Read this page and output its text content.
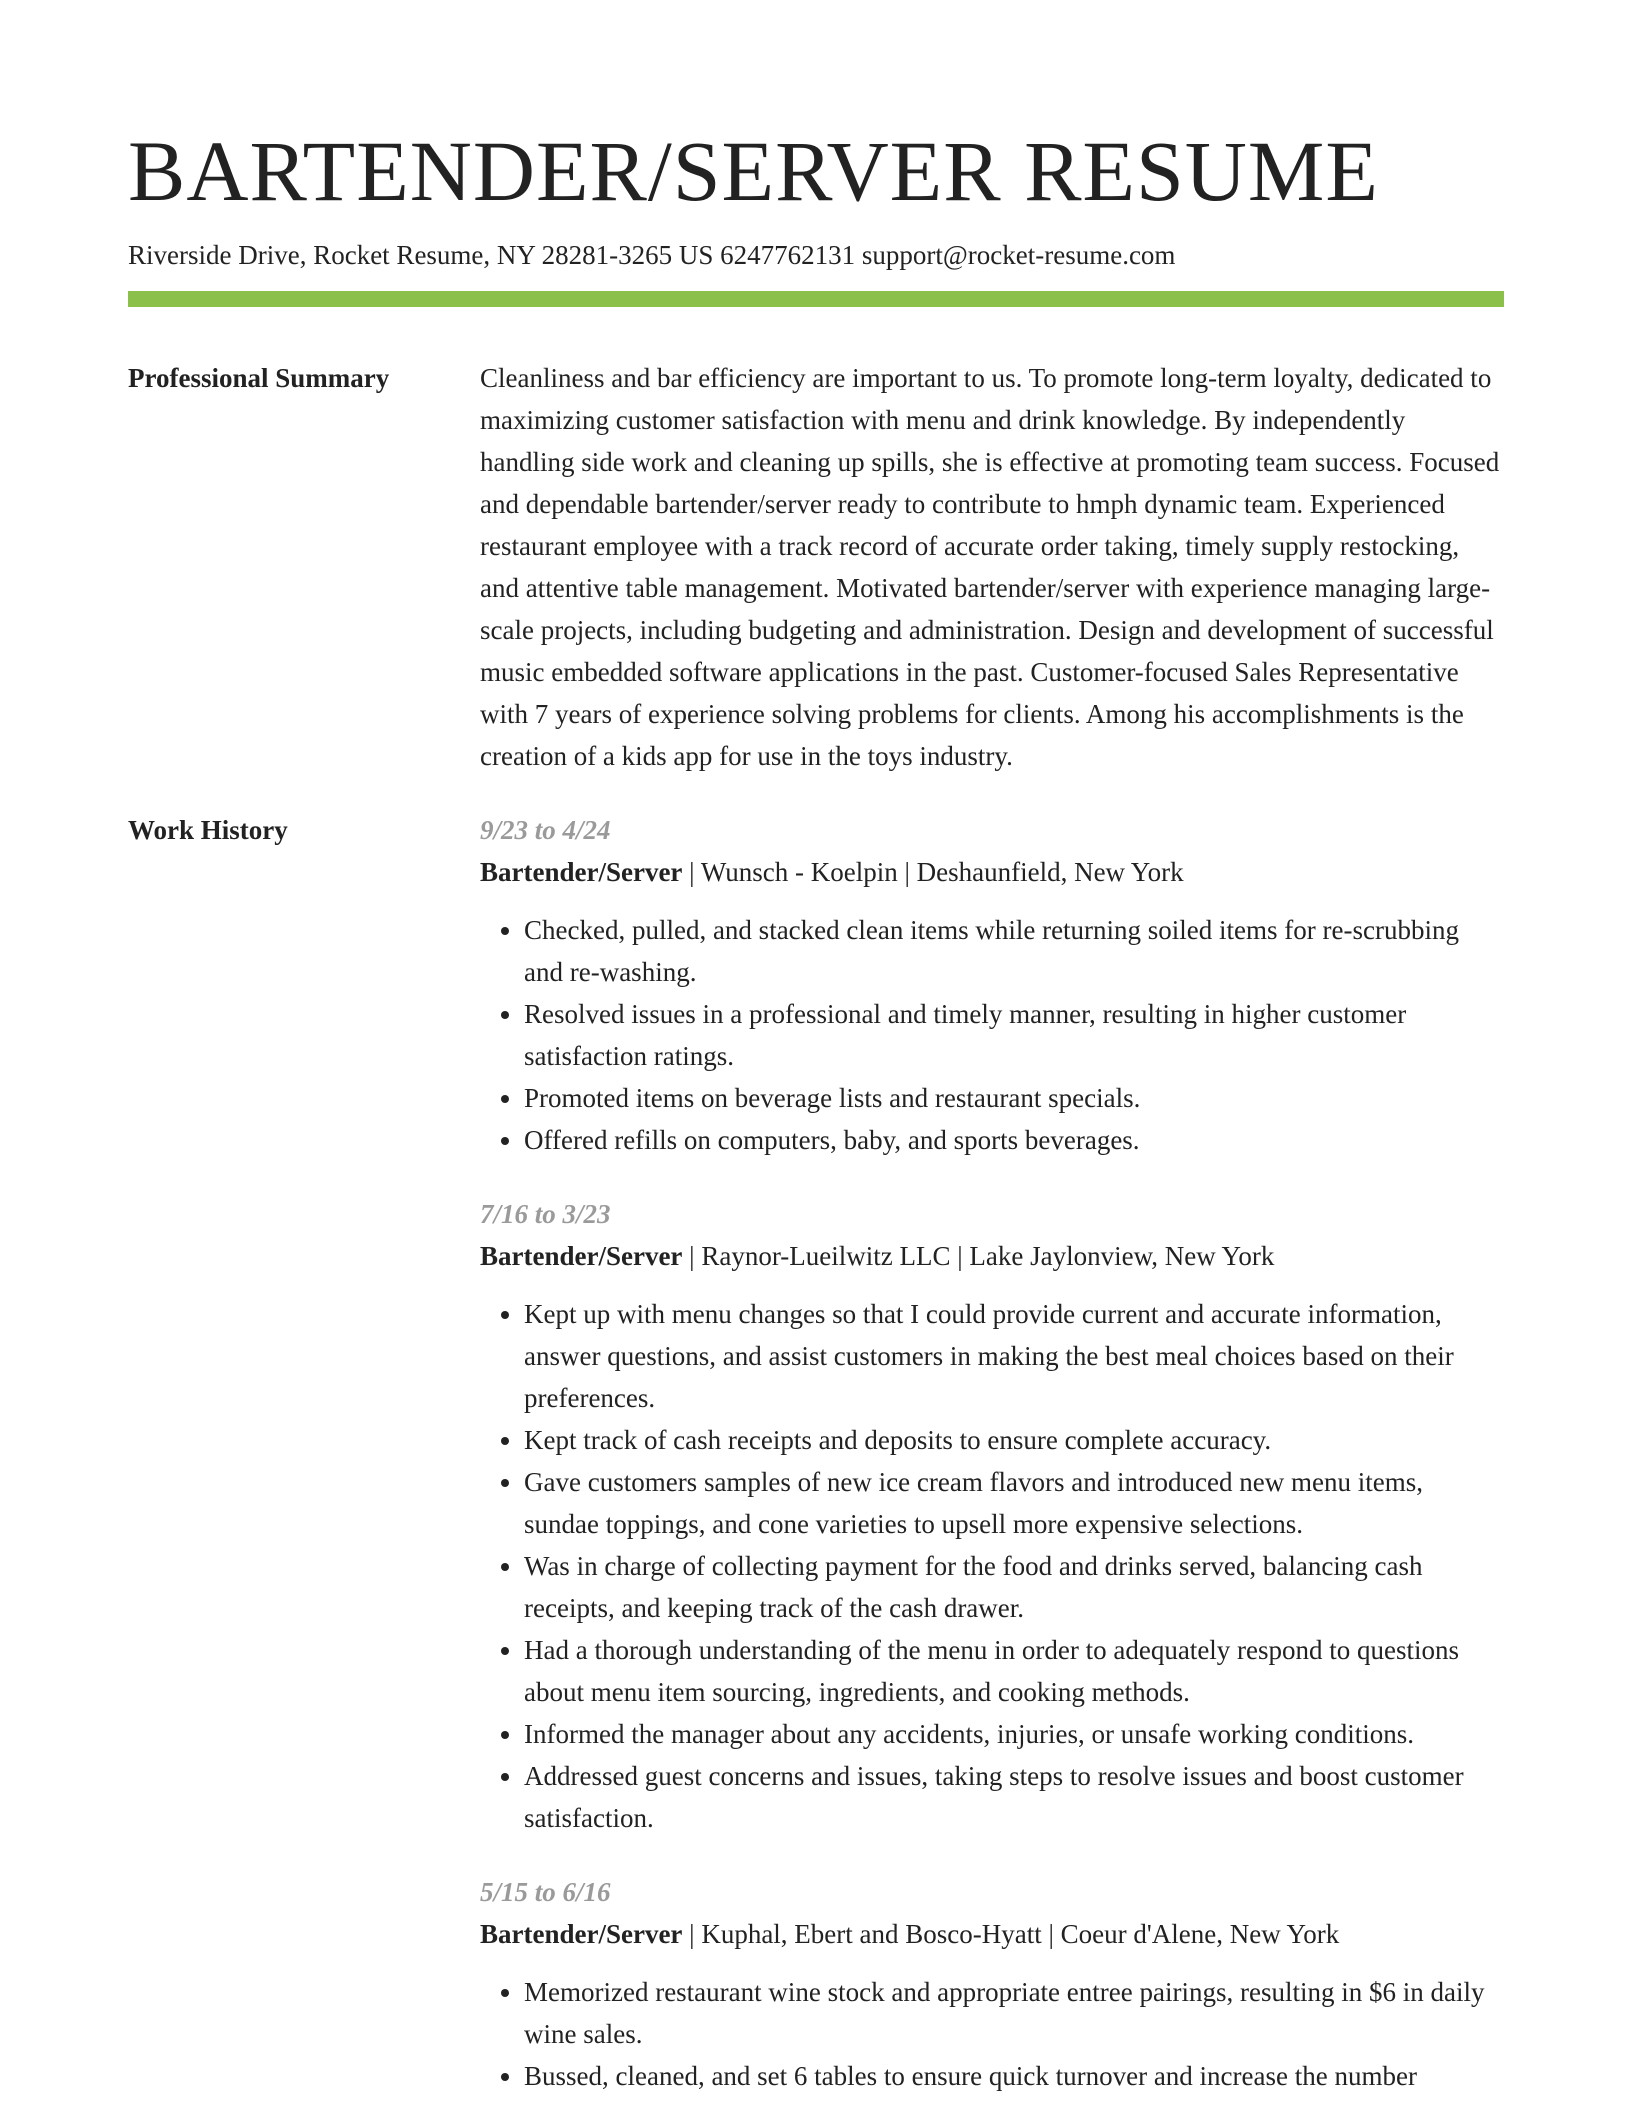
BARTENDER/SERVER RESUME
Riverside Drive, Rocket Resume, NY 28281-3265 US 6247762131 support@rocket-resume.com
Professional Summary	Cleanliness and bar efficiency are important to us. To promote long-term loyalty, dedicated to maximizing customer satisfaction with menu and drink knowledge. By independently handling side work and cleaning up spills, she is effective at promoting team success. Focused and dependable bartender/server ready to contribute to hmph dynamic team. Experienced restaurant employee with a track record of accurate order taking, timely supply restocking, and attentive table management. Motivated bartender/server with experience managing large-scale projects, including budgeting and administration. Design and development of successful music embedded software applications in the past. Customer-focused Sales Representative with 7 years of experience solving problems for clients. Among his accomplishments is the creation of a kids app for use in the toys industry.

Work History	9/23 to 4/24

Bartender/Server | Wunsch - Koelpin | Deshaunfield, New York

• Checked, pulled, and stacked clean items while returning soiled items for re-scrubbing and re-washing.
• Resolved issues in a professional and timely manner, resulting in higher customer satisfaction ratings.
• Promoted items on beverage lists and restaurant specials.
• Offered refills on computers, baby, and sports beverages.
7/16 to 3/23

Bartender/Server | Raynor-Lueilwitz LLC | Lake Jaylonview, New York

• Kept up with menu changes so that I could provide current and accurate information, answer questions, and assist customers in making the best meal choices based on their preferences.
• Kept track of cash receipts and deposits to ensure complete accuracy.
• Gave customers samples of new ice cream flavors and introduced new menu items, sundae toppings, and cone varieties to upsell more expensive selections.
• Was in charge of collecting payment for the food and drinks served, balancing cash receipts, and keeping track of the cash drawer.
• Had a thorough understanding of the menu in order to adequately respond to questions about menu item sourcing, ingredients, and cooking methods.
• Informed the manager about any accidents, injuries, or unsafe working conditions.
• Addressed guest concerns and issues, taking steps to resolve issues and boost customer satisfaction.
5/15 to 6/16

Bartender/Server | Kuphal, Ebert and Bosco-Hyatt | Coeur d'Alene, New York

• Memorized restaurant wine stock and appropriate entree pairings, resulting in $6 in daily wine sales.
• Bussed, cleaned, and set 6 tables to ensure quick turnover and increase the number
